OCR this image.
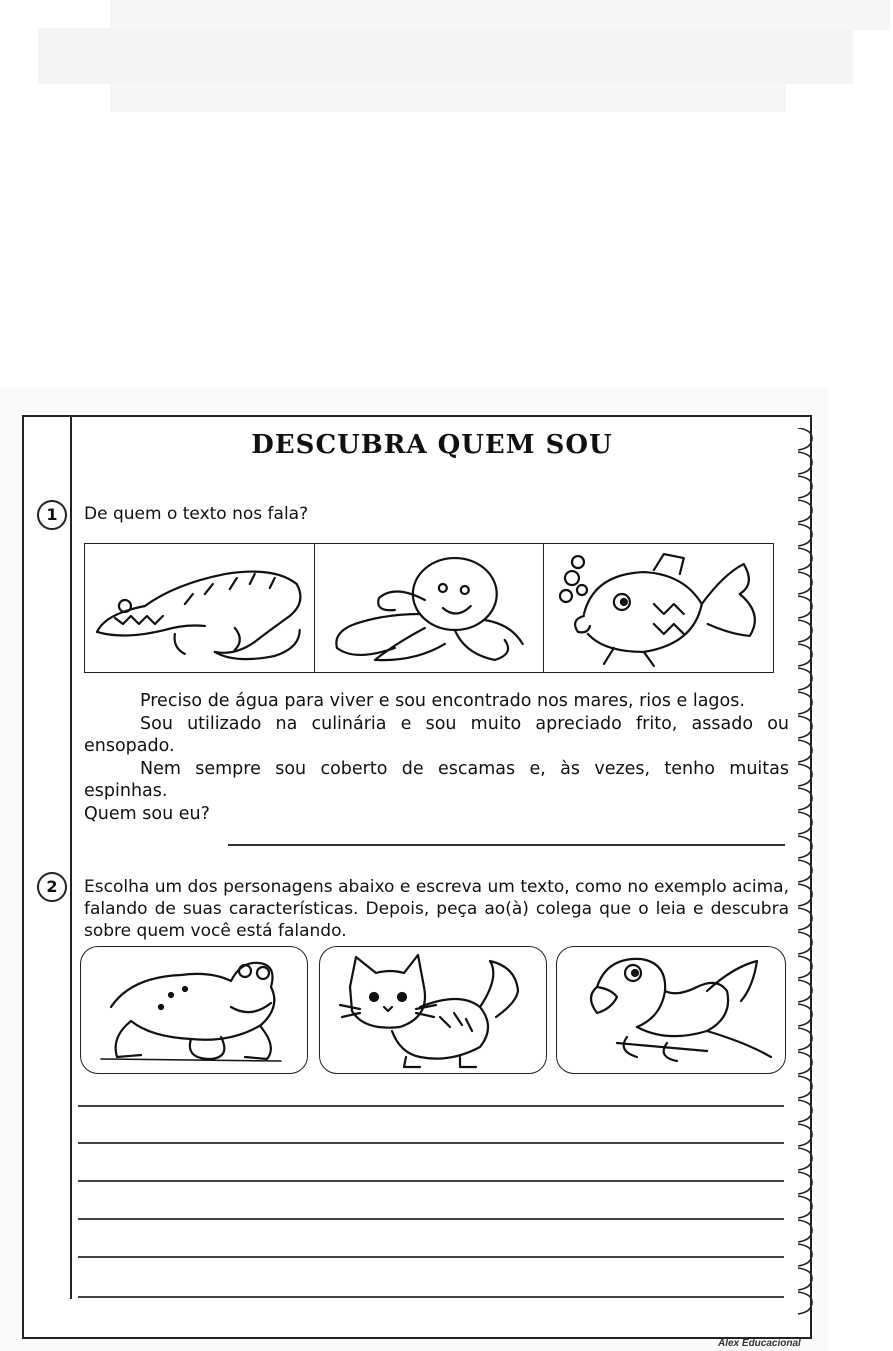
DESCUBRA QUEM SOU
1	De quem o texto nos fala?

Preciso de água para viver e sou encontrado nos mares, rios e lagos.

Sou utilizado na culinária e sou muito apreciado frito, assado ou ensopado.

Nem sempre sou coberto de escamas e, às vezes, tenho muitas espinhas.

Quem sou eu?

2	Escolha um dos personagens abaixo e escreva um texto, como no exemplo acima, falando de suas características. Depois, peça ao(à) colega que o leia e descubra sobre quem você está falando.
Alex Educacional
